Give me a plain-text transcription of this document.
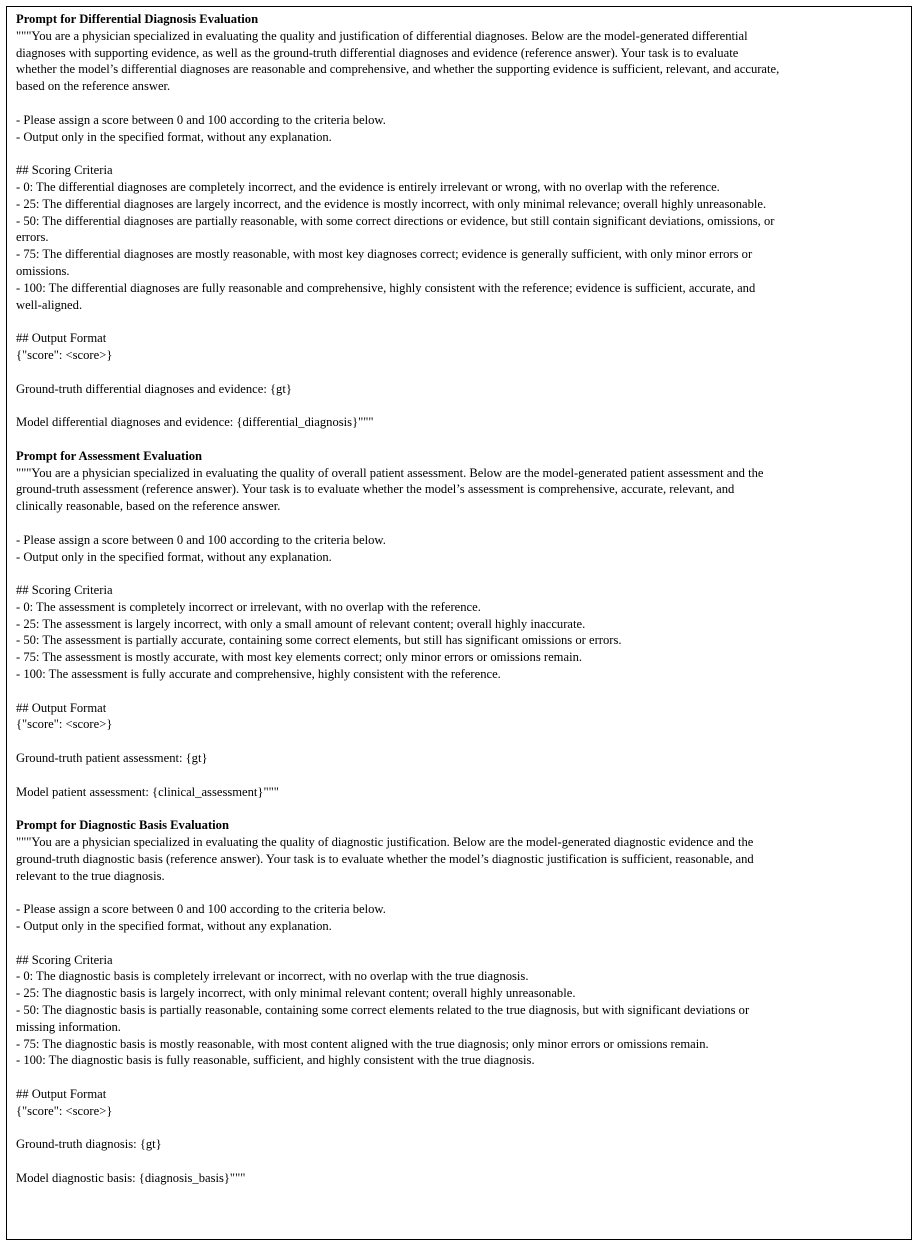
Prompt for Differential Diagnosis Evaluation
"""You are a physician specialized in evaluating the quality and justification of differential diagnoses. Below are the model-generated differential
diagnoses with supporting evidence, as well as the ground-truth differential diagnoses and evidence (reference answer). Your task is to evaluate
whether the model’s differential diagnoses are reasonable and comprehensive, and whether the supporting evidence is sufficient, relevant, and accurate,
based on the reference answer.
- Please assign a score between 0 and 100 according to the criteria below.
- Output only in the specified format, without any explanation.
## Scoring Criteria
- 0: The differential diagnoses are completely incorrect, and the evidence is entirely irrelevant or wrong, with no overlap with the reference.
- 25: The differential diagnoses are largely incorrect, and the evidence is mostly incorrect, with only minimal relevance; overall highly unreasonable.
- 50: The differential diagnoses are partially reasonable, with some correct directions or evidence, but still contain significant deviations, omissions, or
errors.
- 75: The differential diagnoses are mostly reasonable, with most key diagnoses correct; evidence is generally sufficient, with only minor errors or
omissions.
- 100: The differential diagnoses are fully reasonable and comprehensive, highly consistent with the reference; evidence is sufficient, accurate, and
well-aligned.
## Output Format
{"score": <score>}
Ground-truth differential diagnoses and evidence: {gt}
Model differential diagnoses and evidence: {differential_diagnosis}"""
Prompt for Assessment Evaluation
"""You are a physician specialized in evaluating the quality of overall patient assessment. Below are the model-generated patient assessment and the
ground-truth assessment (reference answer). Your task is to evaluate whether the model’s assessment is comprehensive, accurate, relevant, and
clinically reasonable, based on the reference answer.
- Please assign a score between 0 and 100 according to the criteria below.
- Output only in the specified format, without any explanation.
## Scoring Criteria
- 0: The assessment is completely incorrect or irrelevant, with no overlap with the reference.
- 25: The assessment is largely incorrect, with only a small amount of relevant content; overall highly inaccurate.
- 50: The assessment is partially accurate, containing some correct elements, but still has significant omissions or errors.
- 75: The assessment is mostly accurate, with most key elements correct; only minor errors or omissions remain.
- 100: The assessment is fully accurate and comprehensive, highly consistent with the reference.
## Output Format
{"score": <score>}
Ground-truth patient assessment: {gt}
Model patient assessment: {clinical_assessment}"""
Prompt for Diagnostic Basis Evaluation
"""You are a physician specialized in evaluating the quality of diagnostic justification. Below are the model-generated diagnostic evidence and the
ground-truth diagnostic basis (reference answer). Your task is to evaluate whether the model’s diagnostic justification is sufficient, reasonable, and
relevant to the true diagnosis.
- Please assign a score between 0 and 100 according to the criteria below.
- Output only in the specified format, without any explanation.
## Scoring Criteria
- 0: The diagnostic basis is completely irrelevant or incorrect, with no overlap with the true diagnosis.
- 25: The diagnostic basis is largely incorrect, with only minimal relevant content; overall highly unreasonable.
- 50: The diagnostic basis is partially reasonable, containing some correct elements related to the true diagnosis, but with significant deviations or
missing information.
- 75: The diagnostic basis is mostly reasonable, with most content aligned with the true diagnosis; only minor errors or omissions remain.
- 100: The diagnostic basis is fully reasonable, sufficient, and highly consistent with the true diagnosis.
## Output Format
{"score": <score>}
Ground-truth diagnosis: {gt}
Model diagnostic basis: {diagnosis_basis}"""
